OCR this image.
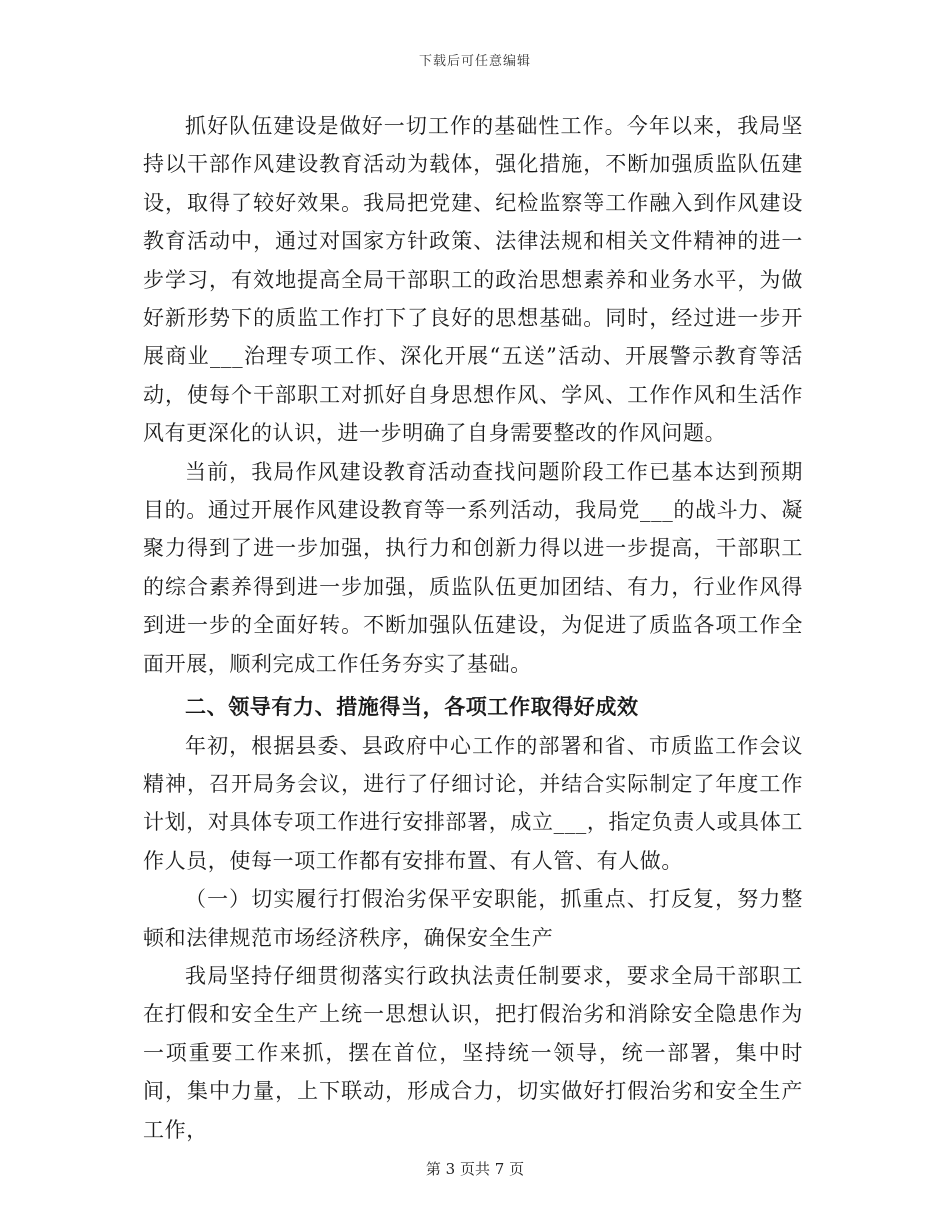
下载后可任意编辑

抓好队伍建设是做好一切工作的基础性工作。今年以来，我局坚持以干部作风建设教育活动为载体，强化措施，不断加强质监队伍建设，取得了较好效果。我局把党建、纪检监察等工作融入到作风建设教育活动中，通过对国家方针政策、法律法规和相关文件精神的进一步学习，有效地提高全局干部职工的政治思想素养和业务水平，为做好新形势下的质监工作打下了良好的思想基础。同时，经过进一步开展商业___治理专项工作、深化开展“五送”活动、开展警示教育等活动，使每个干部职工对抓好自身思想作风、学风、工作作风和生活作风有更深化的认识，进一步明确了自身需要整改的作风问题。

当前，我局作风建设教育活动查找问题阶段工作已基本达到预期目的。通过开展作风建设教育等一系列活动，我局党___的战斗力、凝聚力得到了进一步加强，执行力和创新力得以进一步提高，干部职工的综合素养得到进一步加强，质监队伍更加团结、有力，行业作风得到进一步的全面好转。不断加强队伍建设，为促进了质监各项工作全面开展，顺利完成工作任务夯实了基础。

二、领导有力、措施得当，各项工作取得好成效

年初，根据县委、县政府中心工作的部署和省、市质监工作会议精神，召开局务会议，进行了仔细讨论，并结合实际制定了年度工作计划，对具体专项工作进行安排部署，成立___，指定负责人或具体工作人员，使每一项工作都有安排布置、有人管、有人做。

（一）切实履行打假治劣保平安职能，抓重点、打反复，努力整顿和法律规范市场经济秩序，确保安全生产

我局坚持仔细贯彻落实行政执法责任制要求，要求全局干部职工在打假和安全生产上统一思想认识，把打假治劣和消除安全隐患作为一项重要工作来抓，摆在首位，坚持统一领导，统一部署，集中时间，集中力量，上下联动，形成合力，切实做好打假治劣和安全生产工作，

第 3 页共 7 页
